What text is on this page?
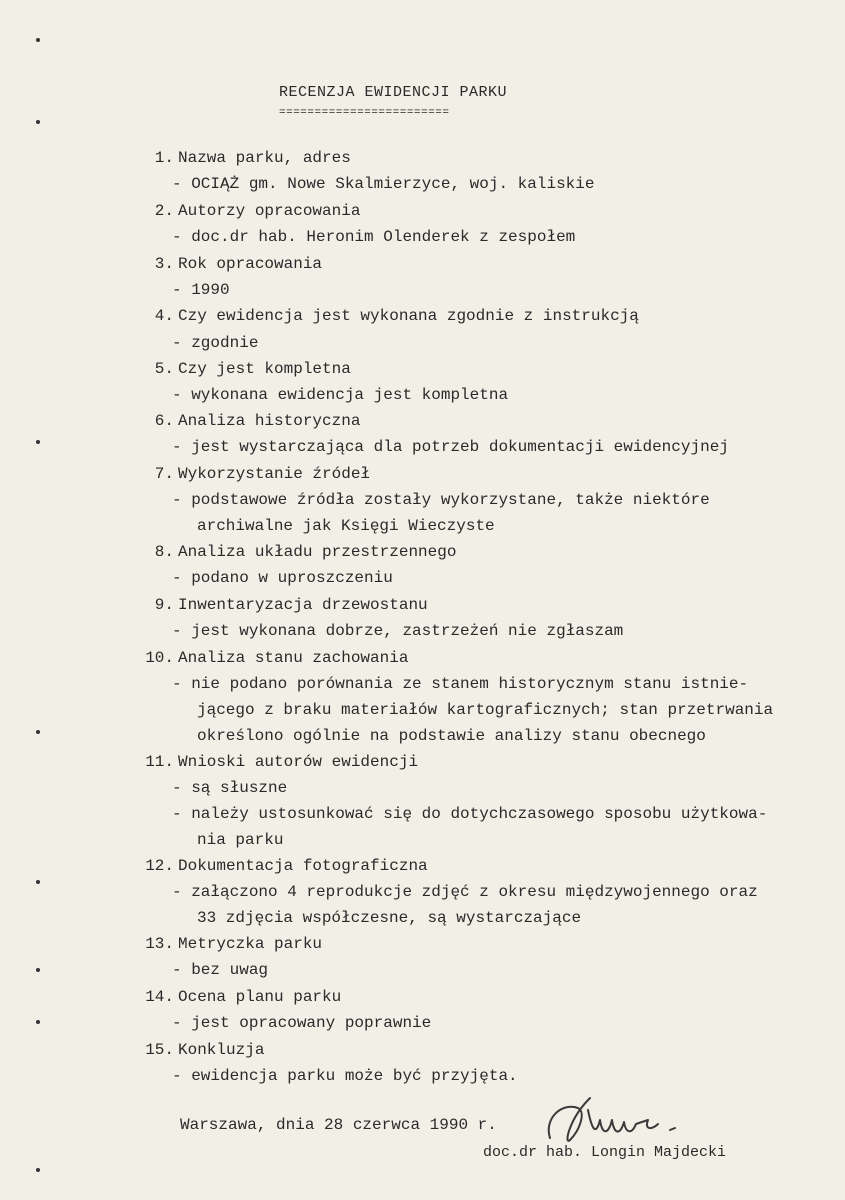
RECENZJA EWIDENCJI PARKU
========================
1. Nazwa parku, adres
- OCIĄŻ gm. Nowe Skalmierzyce, woj. kaliskie
2. Autorzy opracowania
- doc.dr hab. Heronim Olenderek z zespołem
3. Rok opracowania
- 1990
4. Czy ewidencja jest wykonana zgodnie z instrukcją
- zgodnie
5. Czy jest kompletna
- wykonana ewidencja jest kompletna
6. Analiza historyczna
- jest wystarczająca dla potrzeb dokumentacji ewidencyjnej
7. Wykorzystanie źródeł
- podstawowe źródła zostały wykorzystane, także niektóre
archiwalne jak Księgi Wieczyste
8. Analiza układu przestrzennego
- podano w uproszczeniu
9. Inwentaryzacja drzewostanu
- jest wykonana dobrze, zastrzeżeń nie zgłaszam
10. Analiza stanu zachowania
- nie podano porównania ze stanem historycznym stanu istnie-
jącego z braku materiałów kartograficznych; stan przetrwania
określono ogólnie na podstawie analizy stanu obecnego
11. Wnioski autorów ewidencji
- są słuszne
- należy ustosunkować się do dotychczasowego sposobu użytkowa-
nia parku
12. Dokumentacja fotograficzna
- załączono 4 reprodukcje zdjęć z okresu międzywojennego oraz
33 zdjęcia współczesne, są wystarczające
13. Metryczka parku
- bez uwag
14. Ocena planu parku
- jest opracowany poprawnie
15. Konkluzja
- ewidencja parku może być przyjęta.
Warszawa, dnia 28 czerwca 1990 r.
doc.dr hab. Longin Majdecki
